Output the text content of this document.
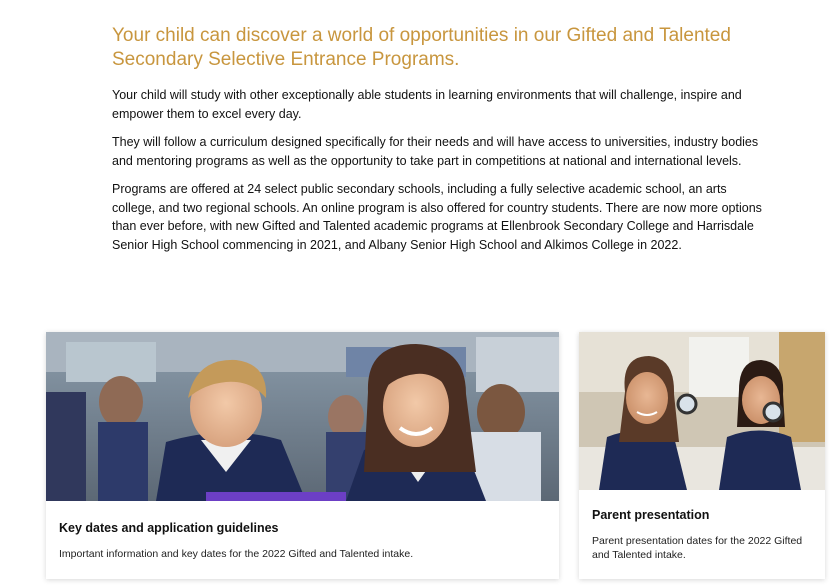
Your child can discover a world of opportunities in our Gifted and Talented Secondary Selective Entrance Programs.

Your child will study with other exceptionally able students in learning environments that will challenge, inspire and empower them to excel every day.

They will follow a curriculum designed specifically for their needs and will have access to universities, industry bodies and mentoring programs as well as the opportunity to take part in competitions at national and international levels.

Programs are offered at 24 select public secondary schools, including a fully selective academic school, an arts college, and two regional schools. An online program is also offered for country students. There are now more options than ever before, with new Gifted and Talented academic programs at Ellenbrook Secondary College and Harrisdale Senior High School commencing in 2021, and Albany Senior High School and Alkimos College in 2022.

Key dates and application guidelines

Important information and key dates for the 2022 Gifted and Talented intake.

Parent presentation

Parent presentation dates for the 2022 Gifted and Talented intake.
